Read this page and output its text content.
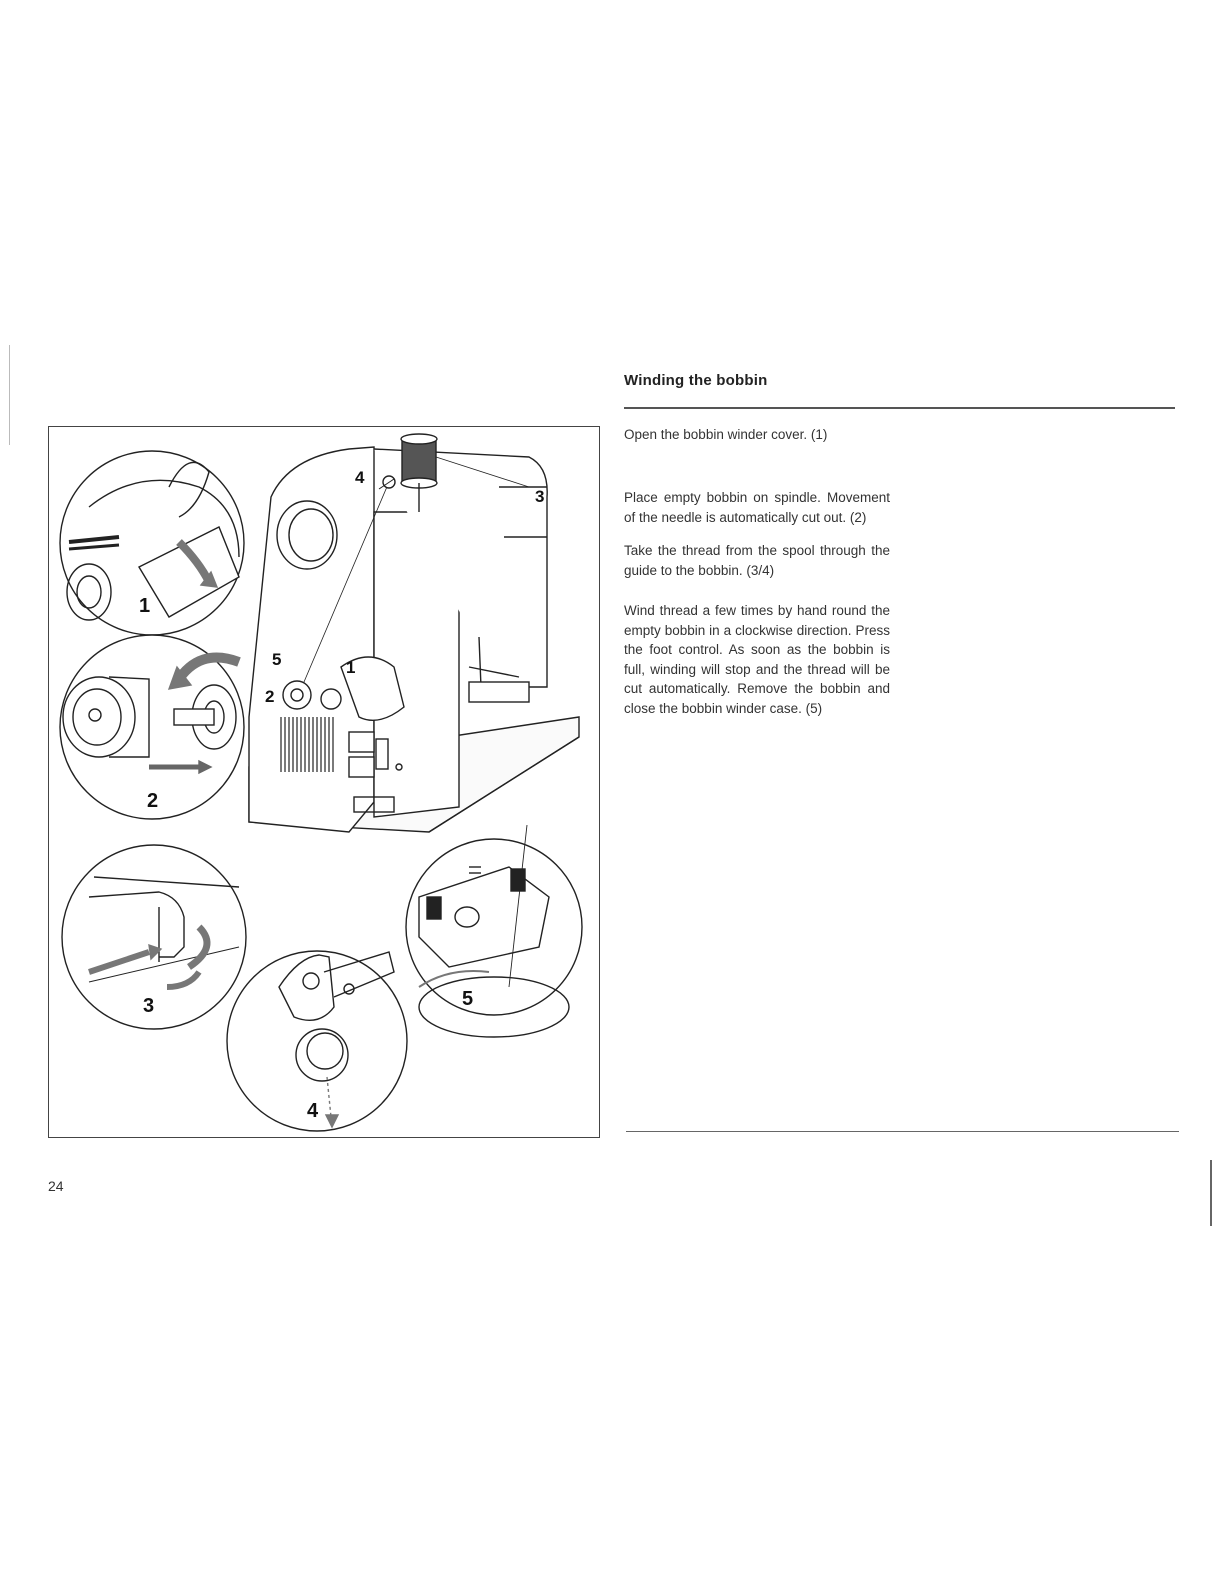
1
2
3
4
5
1
2
3
4
5
Winding the bobbin

Open the bobbin winder cover. (1)

Place empty bobbin on spindle. Movement of the needle is automatically cut out. (2)

Take the thread from the spool through the guide to the bobbin. (3/4)

Wind thread a few times by hand round the empty bobbin in a clockwise direction. Press the foot control. As soon as the bobbin is full, winding will stop and the thread will be cut automatically. Remove the bobbin and close the bobbin winder case. (5)

24
